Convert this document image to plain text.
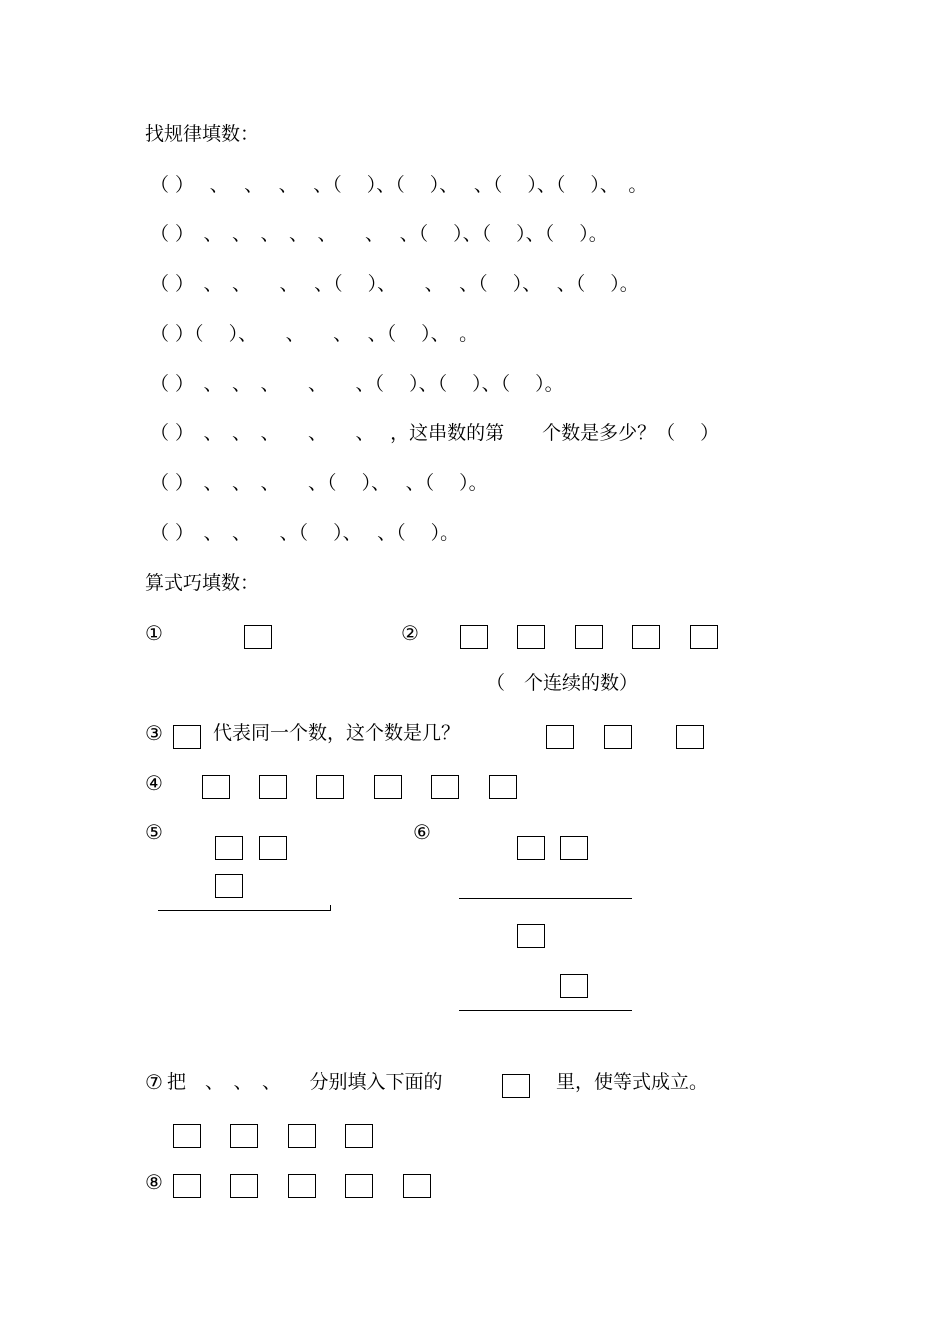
找规律填数：
（ ）　 、　 、　 、　 、（　 ）、（　 ）、　 、（　 ）、（　 ）、　。
（ ）　、　、　、　、　、　　、　 、（　 ）、（　 ）、（　 ）。
（ ）　、　、　　、　 、（　 ）、　　、　 、（　 ）、　 、（　 ）。
（ ）（　 ）、　　、　　、　 、（　 ）、　。
（ ）　、　、　、　　、　　、（　 ）、（　 ）、（　 ）。
（ ）　、　、　、　　、　　、　 ，这串数的第　　个数是多少？（　 ）
（ ）　、　、　、　　、（　 ）、　 、（　 ）。
（ ）　、　、　　、（　 ）、　 、（　 ）。
算式巧填数：
①	②
（　个连续的数）
③	代表同一个数，这个数是几？
④
⑤	⑥
⑦ 把　、　、　、　　分别填入下面的	里，使等式成立。
⑧
